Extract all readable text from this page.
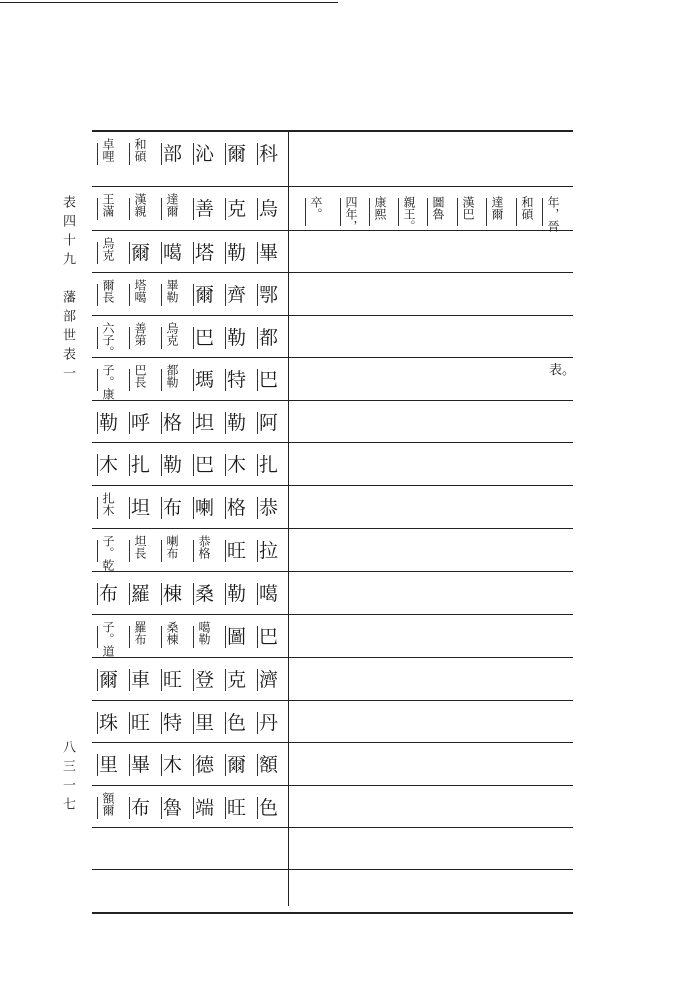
表四十九　藩部世表一
八三一七
卓哩 和碩 部 沁 爾 科
王滿 漢親 達爾 善 克 烏
烏克 爾 噶 塔 勒 畢
爾長 塔噶 畢勒 爾 齊 鄂
六子。 善第 烏克 巴 勒 都
子。康 巴長 都勒 瑪 特 巴
勒 呼 格 坦 勒 阿
木 扎 勒 巴 木 扎
扎木 坦 布 喇 格 恭
子。乾 坦長 喇布 恭格 旺 拉
布 羅 棟 桑 勒 噶
子。道 羅布 桑棟 噶勒 圖 巴
爾 車 旺 登 克 濟
珠 旺 特 里 色 丹
里 畢 木 德 爾 額
額爾 布 魯 端 旺 色
年，晉
和碩
達爾
漢巴
圖魯
親王。
康熙
四年，
卒。
表。
